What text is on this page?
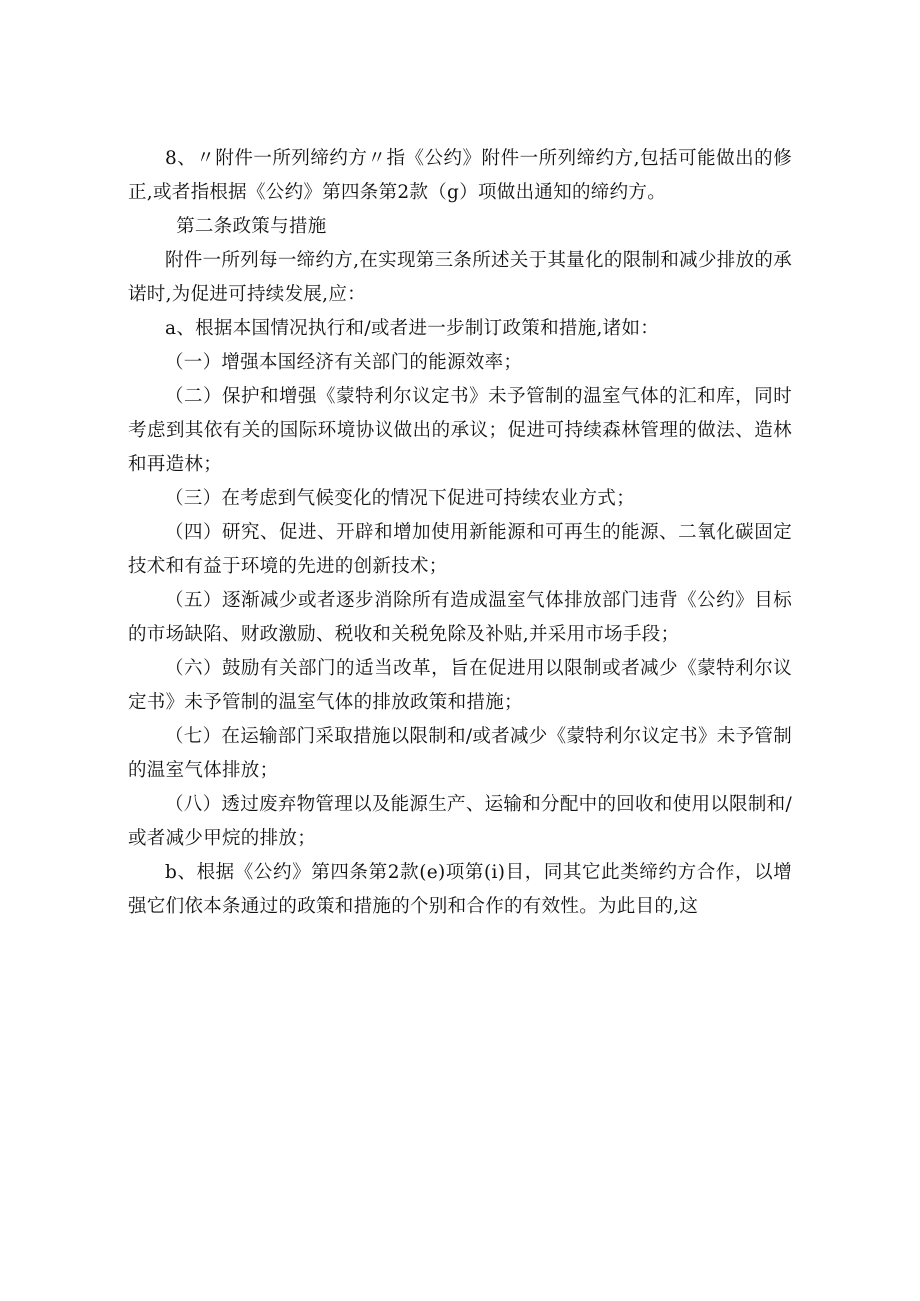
8、〃附件一所列缔约方〃指《公约》附件一所列缔约方,包括可能做出的修正,或者指根据《公约》第四条第2款（g）项做出通知的缔约方。

第二条政策与措施

附件一所列每一缔约方,在实现第三条所述关于其量化的限制和减少排放的承诺时,为促进可持续发展,应：

a、根据本国情况执行和/或者进一步制订政策和措施,诸如：

（一）增强本国经济有关部门的能源效率；

（二）保护和增强《蒙特利尔议定书》未予管制的温室气体的汇和库，同时考虑到其依有关的国际环境协议做出的承议；促进可持续森林管理的做法、造林和再造林；

（三）在考虑到气候变化的情况下促进可持续农业方式；

（四）研究、促进、开辟和增加使用新能源和可再生的能源、二氧化碳固定技术和有益于环境的先进的创新技术；

（五）逐渐减少或者逐步消除所有造成温室气体排放部门违背《公约》目标的市场缺陷、财政激励、税收和关税免除及补贴,并采用市场手段；

（六）鼓励有关部门的适当改革，旨在促进用以限制或者减少《蒙特利尔议定书》未予管制的温室气体的排放政策和措施；

（七）在运输部门采取措施以限制和/或者减少《蒙特利尔议定书》未予管制的温室气体排放；

（八）透过废弃物管理以及能源生产、运输和分配中的回收和使用以限制和/或者减少甲烷的排放；

b、根据《公约》第四条第2款(e)项第(i)目，同其它此类缔约方合作，以增强它们依本条通过的政策和措施的个别和合作的有效性。为此目的,这
